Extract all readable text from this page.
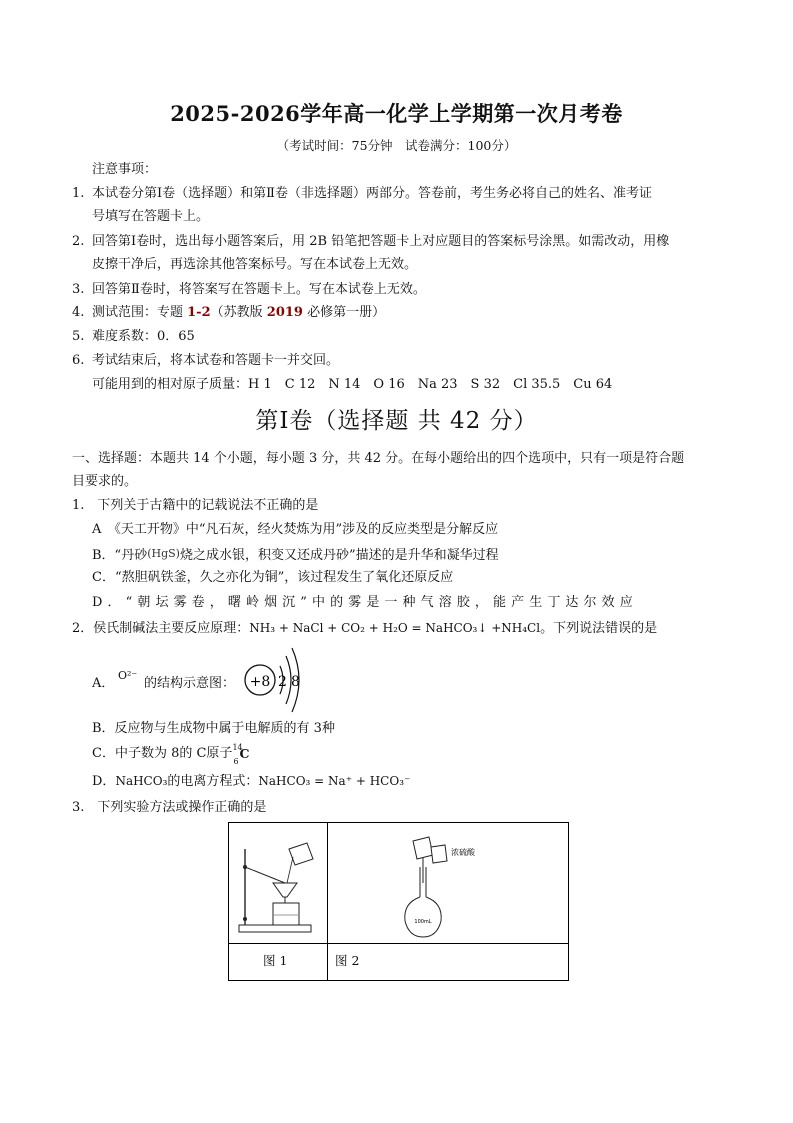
2025-2026学年高一化学上学期第一次月考卷
（考试时间：75分钟　试卷满分：100分）
注意事项：
1. 本试卷分第Ⅰ卷（选择题）和第Ⅱ卷（非选择题）两部分。答卷前，考生务必将自己的姓名、准考证
号填写在答题卡上。
2. 回答第Ⅰ卷时，选出每小题答案后，用 2B 铅笔把答题卡上对应题目的答案标号涂黑。如需改动，用橡
皮擦干净后，再选涂其他答案标号。写在本试卷上无效。
3. 回答第Ⅱ卷时，将答案写在答题卡上。写在本试卷上无效。
4. 测试范围：专题 1-2（苏教版 2019 必修第一册）
5. 难度系数：0．65
6. 考试结束后，将本试卷和答题卡一并交回。
可能用到的相对原子质量：H 1　C 12　N 14　O 16　Na 23　S 32　Cl 35.5　Cu 64
第Ⅰ卷（选择题 共 42 分）
一、选择题：本题共 14 个小题，每小题 3 分，共 42 分。在每小题给出的四个选项中，只有一项是符合题
目要求的。
1.　下列关于古籍中的记载说法不正确的是
A　《天工开物》中“凡石灰，经火焚炼为用”涉及的反应类型是分解反应
B．“丹砂(HgS)烧之成水银，积变又还成丹砂”描述的是升华和凝华过程
C．“熬胆矾铁釜，久之亦化为铜”，该过程发生了氧化还原反应
D．“朝坛雾卷，曙岭烟沉”中的雾是一种气溶胶，能产生丁达尔效应
2．侯氏制碱法主要反应原理：NH₃ + NaCl + CO₂ + H₂O = NaHCO₃↓ +NH₄Cl。下列说法错误的是
A．
O²⁻
的结构示意图： +8 2 8
B．反应物与生成物中属于电解质的有 3种
C．中子数为 8的 C原子 14
6
C
D．NaHCO₃的电离方程式：NaHCO₃ = Na⁺ + HCO₃⁻
3.　下列实验方法或操作正确的是
浓硫酸
100mL
图 1	图 2
